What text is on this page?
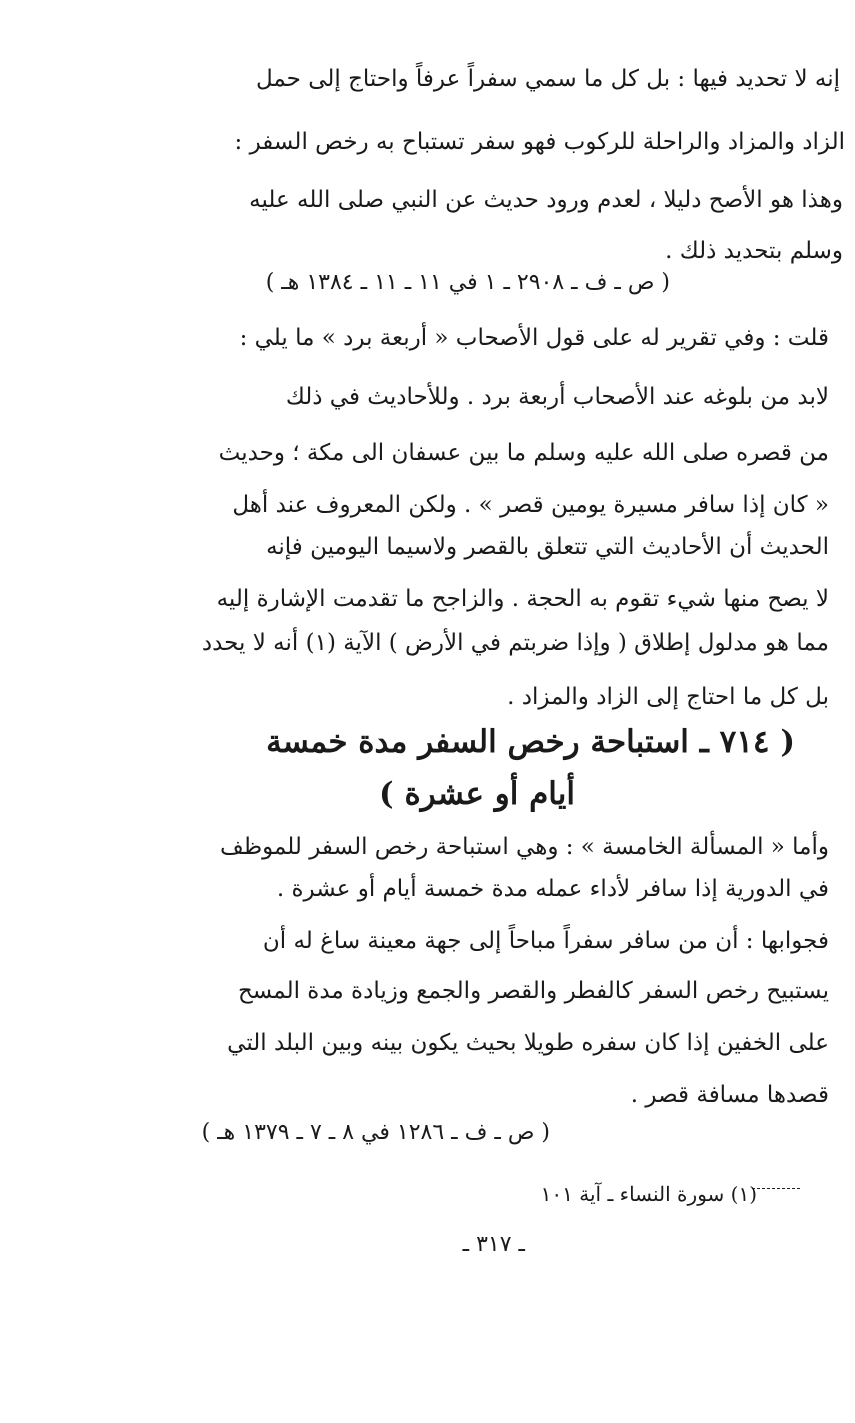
إنه لا تحديد فيها : بل كل ما سمي سفراً عرفاً واحتاج إلى حمل
الزاد والمزاد والراحلة للركوب فهو سفر تستباح به رخص السفر :
وهذا هو الأصح دليلا ، لعدم ورود حديث عن النبي صلى الله عليه
وسلم بتحديد ذلك .
( ص ـ ف ـ ٢٩٠٨ ـ ١ في ١١ ـ ١١ ـ ١٣٨٤ هـ )
قلت : وفي تقرير له على قول الأصحاب « أربعة برد » ما يلي :
لابد من بلوغه عند الأصحاب أربعة برد . وللأحاديث في ذلك
من قصره صلى الله عليه وسلم ما بين عسفان الى مكة ؛ وحديث
« كان إذا سافر مسيرة يومين قصر » . ولكن المعروف عند أهل
الحديث أن الأحاديث التي تتعلق بالقصر ولاسيما اليومين فإنه
لا يصح منها شيء تقوم به الحجة . والزاجح ما تقدمت الإشارة إليه
مما هو مدلول إطلاق ( وإذا ضربتم في الأرض ) الآية (١) أنه لا يحدد
بل كل ما احتاج إلى الزاد والمزاد .
( ٧١٤ ـ استباحة رخص السفر مدة خمسة
أيام أو عشرة )
وأما « المسألة الخامسة » : وهي استباحة رخص السفر للموظف
في الدورية إذا سافر لأداء عمله مدة خمسة أيام أو عشرة .
فجوابها : أن من سافر سفراً مباحاً إلى جهة معينة ساغ له أن
يستبيح رخص السفر كالفطر والقصر والجمع وزيادة مدة المسح
على الخفين إذا كان سفره طويلا بحيث يكون بينه وبين البلد التي
قصدها مسافة قصر .
( ص ـ ف ـ ١٢٨٦ في ٨ ـ ٧ ـ ١٣٧٩ هـ )
(١) سورة النساء ـ آية ١٠١
ـ ٣١٧ ـ
